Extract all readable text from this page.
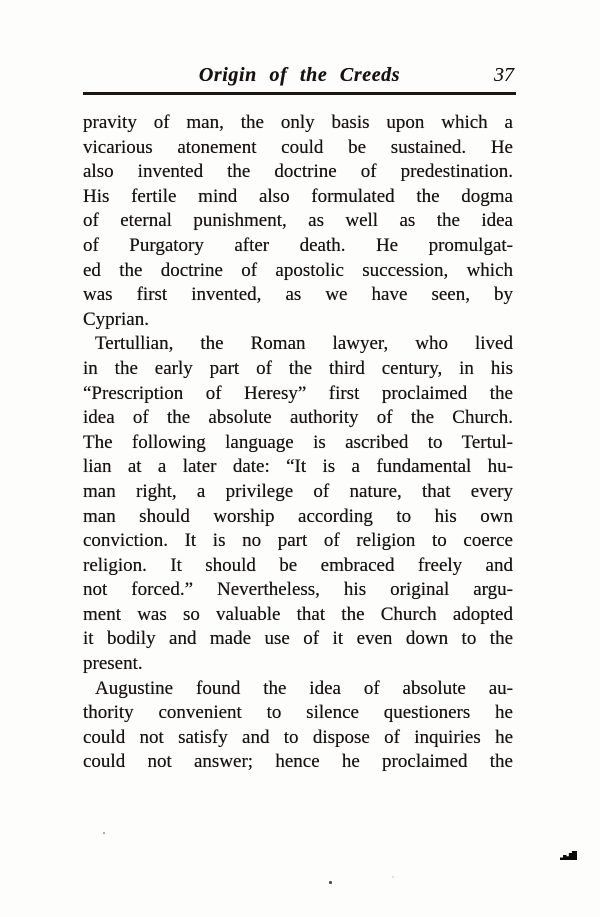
Origin of the Creeds	37

pravity of man, the only basis upon which a
vicarious atonement could be sustained. He
also invented the doctrine of predestination.
His fertile mind also formulated the dogma
of eternal punishment, as well as the idea
of Purgatory after death. He promulgat-
ed the doctrine of apostolic succession, which
was first invented, as we have seen, by
Cyprian.

Tertullian, the Roman lawyer, who lived
in the early part of the third century, in his
“Prescription of Heresy” first proclaimed the
idea of the absolute authority of the Church.
The following language is ascribed to Tertul-
lian at a later date: “It is a fundamental hu-
man right, a privilege of nature, that every
man should worship according to his own
conviction. It is no part of religion to coerce
religion. It should be embraced freely and
not forced.” Nevertheless, his original argu-
ment was so valuable that the Church adopted
it bodily and made use of it even down to the
present.

Augustine found the idea of absolute au-
thority convenient to silence questioners he
could not satisfy and to dispose of inquiries he
could not answer; hence he proclaimed the
